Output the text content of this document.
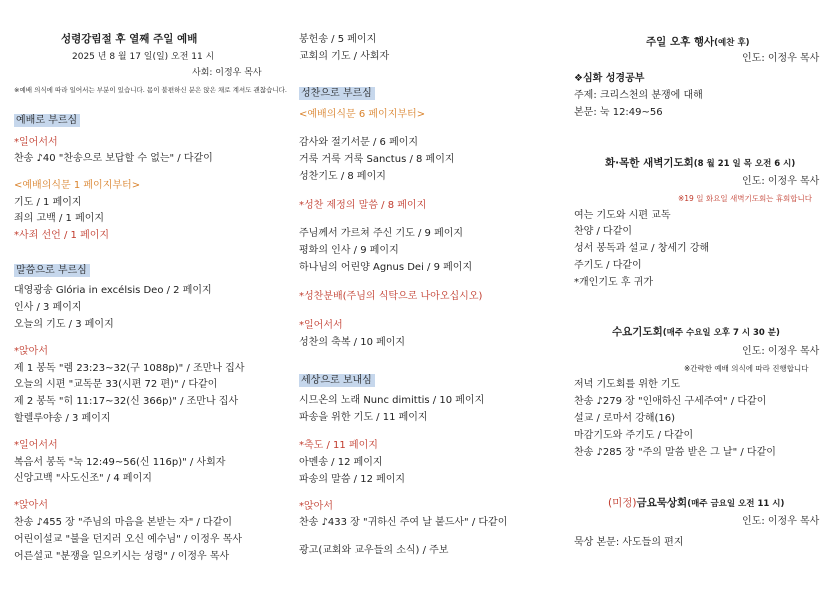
성령강림절 후 열째 주일 예배
2025 년 8 월 17 일(일) 오전 11 시
사회: 이정우 목사
※예배 의식에 따라 일어서는 부분이 있습니다. 몸이 불편하신 분은 앉은 채로 계셔도 괜찮습니다.
예배로 부르심
*일어서서
찬송 ♪40 "찬송으로 보답할 수 없는" / 다같이
<예배의식문 1 페이지부터>
기도 / 1 페이지
죄의 고백 / 1 페이지
*사죄 선언 / 1 페이지
말씀으로 부르심
대영광송 Glória in excélsis Deo / 2 페이지
인사 / 3 페이지
오늘의 기도 / 3 페이지
*앉아서
제 1 봉독 "렘 23:23~32(구 1088p)" / 조만나 집사
오늘의 시편 "교독문 33(시편 72 편)" / 다같이
제 2 봉독 "히 11:17~32(신 366p)" / 조만나 집사
할렐루야송 / 3 페이지
*일어서서
복음서 봉독 "눅 12:49~56(신 116p)" / 사회자
신앙고백 "사도신조" / 4 페이지
*앉아서
찬송 ♪455 장 "주님의 마음을 본받는 자" / 다같이
어린이설교 "불을 던지러 오신 예수님" / 이정우 목사
어른설교 "분쟁을 일으키시는 성령" / 이정우 목사
봉헌송 / 5 페이지
교회의 기도 / 사회자
성찬으로 부르심
<예배의식문 6 페이지부터>
감사와 절기서문 / 6 페이지
거룩 거룩 거룩 Sanctus / 8 페이지
성찬기도 / 8 페이지
*성찬 제정의 말씀 / 8 페이지
주님께서 가르쳐 주신 기도 / 9 페이지
평화의 인사 / 9 페이지
하나님의 어린양 Agnus Dei / 9 페이지
*성찬분배(주님의 식탁으로 나아오십시오)
*일어서서
성찬의 축복 / 10 페이지
세상으로 보내심
시므온의 노래 Nunc dimittis / 10 페이지
파송을 위한 기도 / 11 페이지
*축도 / 11 페이지
아멘송 / 12 페이지
파송의 말씀 / 12 페이지
*앉아서
찬송 ♪433 장 "귀하신 주여 날 붙드사" / 다같이
광고(교회와 교우들의 소식) / 주보
주일 오후 행사(예찬 후)
인도: 이정우 목사
❖심화 성경공부
주제: 크리스천의 분쟁에 대해
본문: 눅 12:49~56
화·목한 새벽기도회(8 월 21 일 목 오전 6 시)
인도: 이정우 목사
※19 일 화요일 새벽기도회는 휴회합니다
여는 기도와 시편 교독
찬양 / 다같이
성서 봉독과 설교 / 창세기 강해
주기도 / 다같이
*개인기도 후 귀가
수요기도회(매주 수요일 오후 7 시 30 분)
인도: 이정우 목사
※간략한 예배 의식에 따라 진행합니다
저녁 기도회를 위한 기도
찬송 ♪279 장 "인애하신 구세주여" / 다같이
설교 / 로마서 강해(16)
마감기도와 주기도 / 다같이
찬송 ♪285 장 "주의 말씀 받은 그 날" / 다같이
(미정)금요묵상회(매주 금요일 오전 11 시)
인도: 이정우 목사
묵상 본문: 사도들의 편지
